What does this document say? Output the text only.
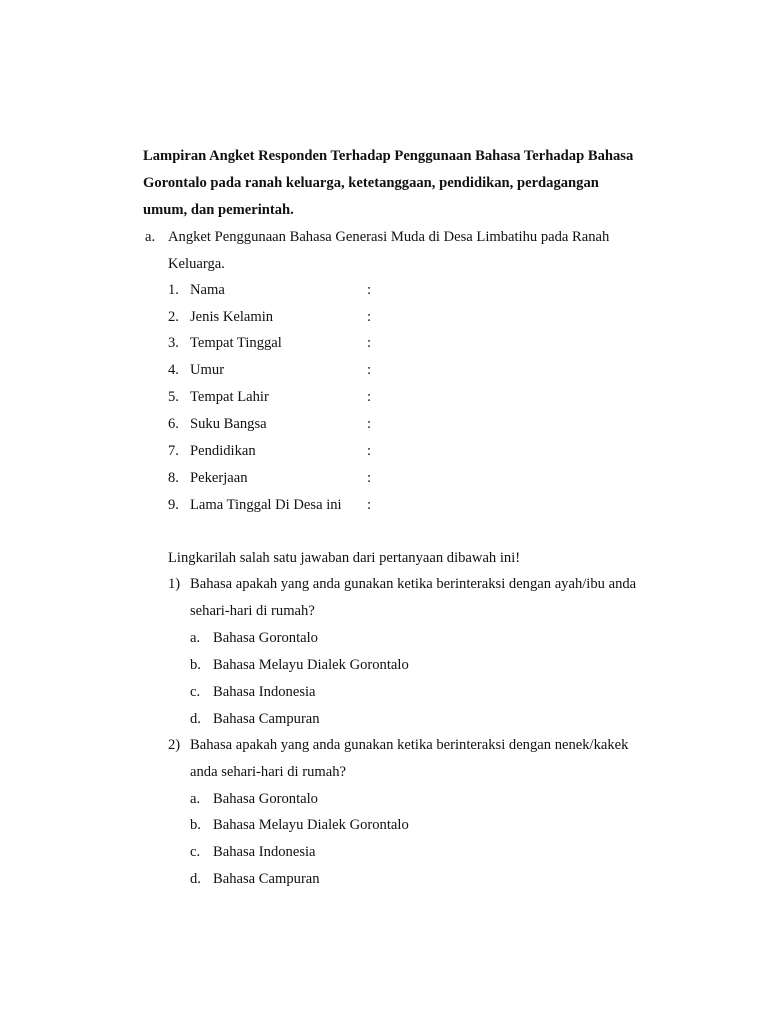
Lampiran Angket Responden Terhadap Penggunaan Bahasa Terhadap Bahasa
Gorontalo pada ranah keluarga, ketetanggaan, pendidikan, perdagangan
umum, dan pemerintah.
a. Angket Penggunaan Bahasa Generasi Muda di Desa Limbatihu pada Ranah
Keluarga.
1. Nama	:
2. Jenis Kelamin	:
3. Tempat Tinggal	:
4. Umur	:
5. Tempat Lahir	:
6. Suku Bangsa	:
7. Pendidikan	:
8. Pekerjaan	:
9. Lama Tinggal Di Desa ini :
Lingkarilah salah satu jawaban dari pertanyaan dibawah ini!
1) Bahasa apakah yang anda gunakan ketika berinteraksi dengan ayah/ibu anda
sehari-hari di rumah?
a. Bahasa Gorontalo
b. Bahasa Melayu Dialek Gorontalo
c. Bahasa Indonesia
d. Bahasa Campuran
2) Bahasa apakah yang anda gunakan ketika berinteraksi dengan nenek/kakek
anda sehari-hari di rumah?
a. Bahasa Gorontalo
b. Bahasa Melayu Dialek Gorontalo
c. Bahasa Indonesia
d. Bahasa Campuran
